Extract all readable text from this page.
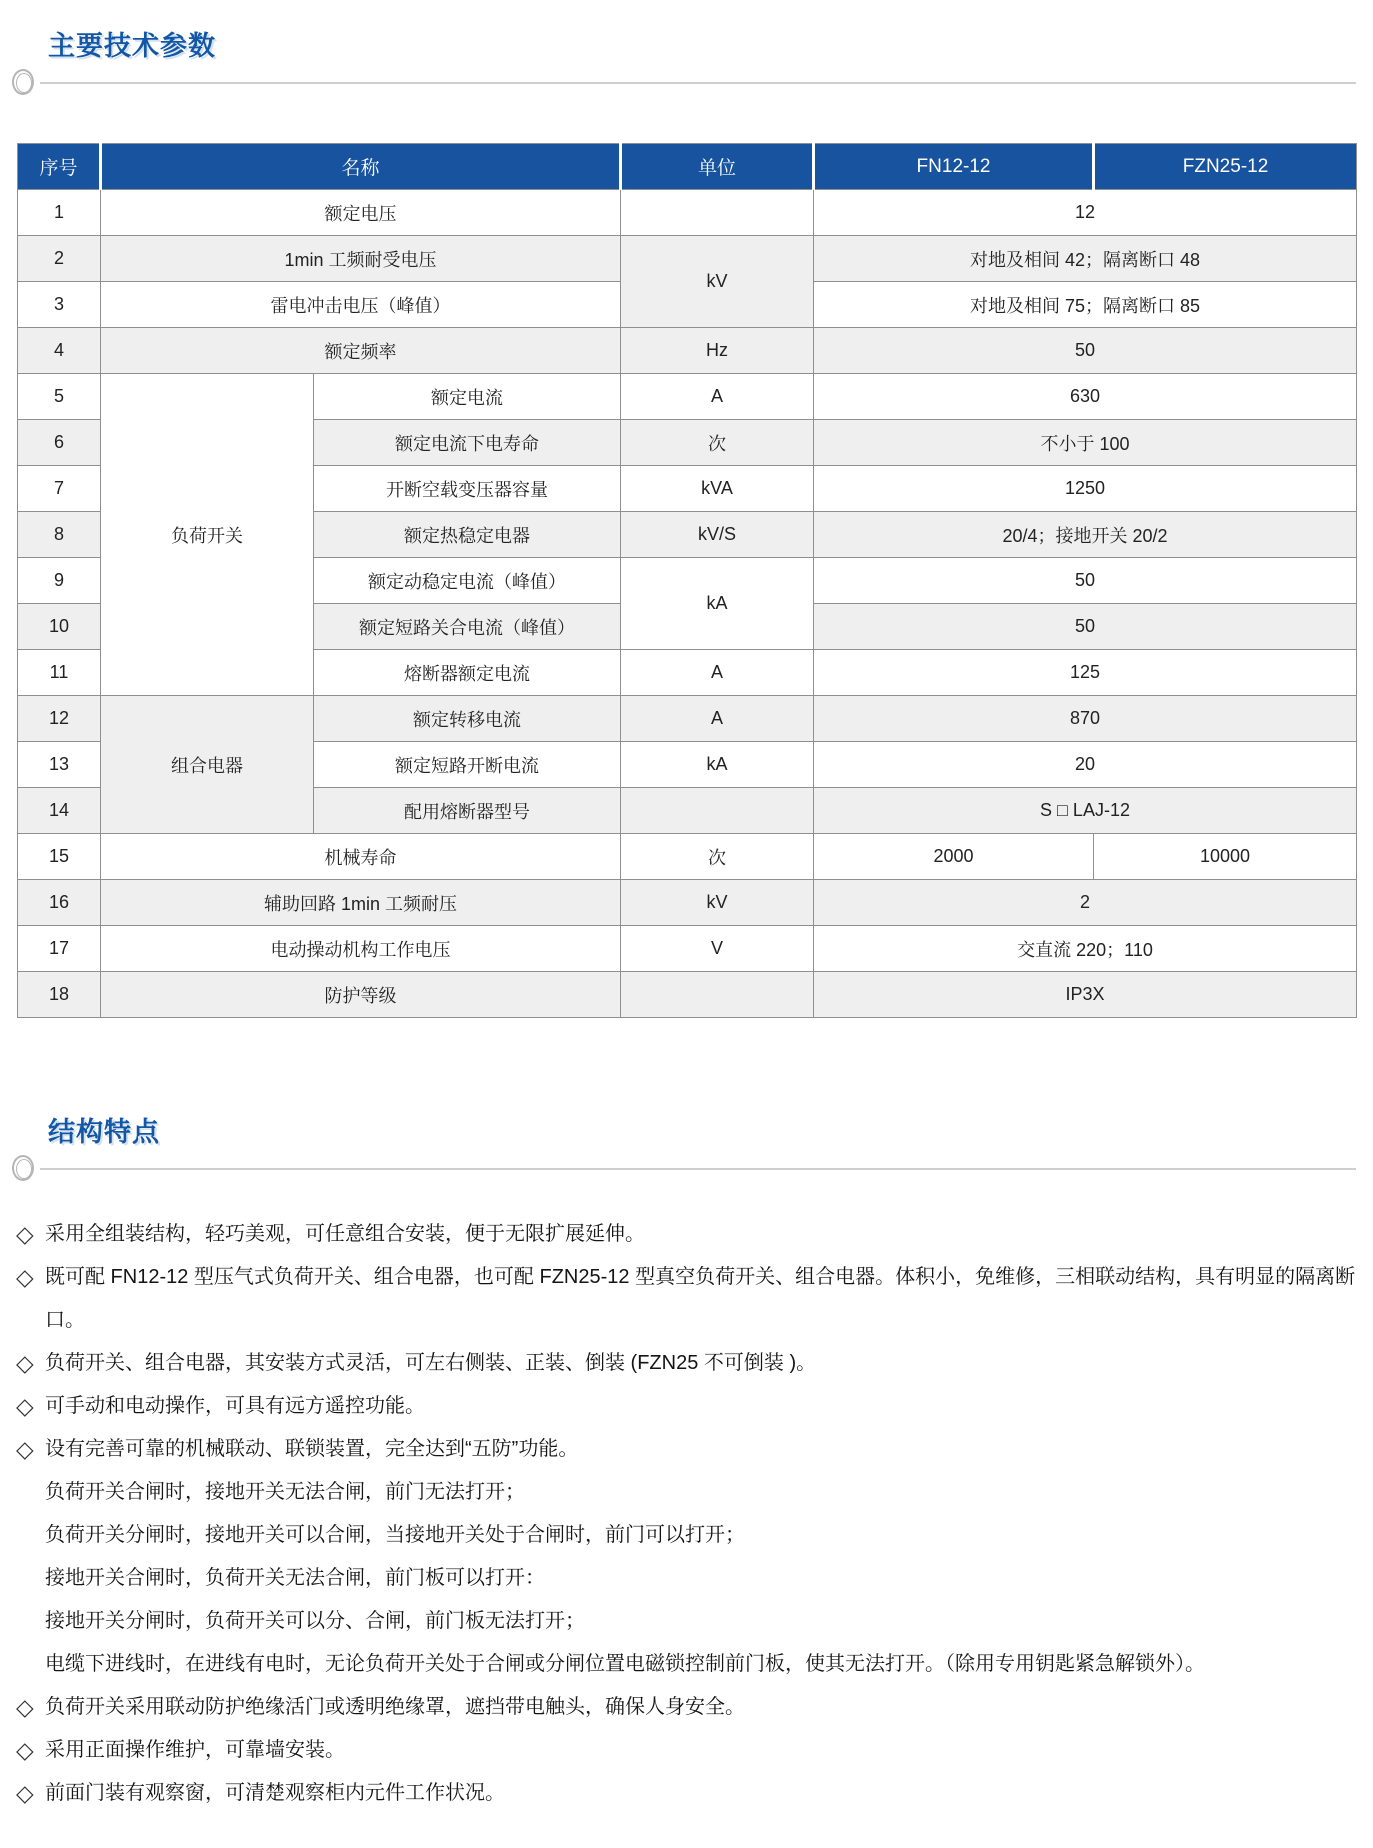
主要技术参数
序号	名称		单位	FN12-12	FZN25-12
1	额定电压			12	
2	1min 工频耐受电压		kV	对地及相间 42；隔离断口 48	
3	雷电冲击电压（峰值）			对地及相间 75；隔离断口 85	
4	额定频率		Hz	50	
5	负荷开关	额定电流	A	630	
6		额定电流下电寿命	次	不小于 100	
7		开断空载变压器容量	kVA	1250	
8		额定热稳定电器	kV/S	20/4；接地开关 20/2	
9		额定动稳定电流（峰值）	kA	50	
10		额定短路关合电流（峰值）		50	
11		熔断器额定电流	A	125	
12	组合电器	额定转移电流	A	870	
13		额定短路开断电流	kA	20	
14		配用熔断器型号		S □ LAJ-12	
15	机械寿命		次	2000	10000
16	辅助回路 1min 工频耐压		kV	2	
17	电动操动机构工作电压		V	交直流 220；110	
18	防护等级			IP3X	
结构特点
◇ 采用全组装结构，轻巧美观，可任意组合安装，便于无限扩展延伸。
◇ 既可配 FN12-12 型压气式负荷开关、组合电器，也可配 FZN25-12 型真空负荷开关、组合电器。体积小，免维修，三相联动结构，具有明显的隔离断口。
◇ 负荷开关、组合电器，其安装方式灵活，可左右侧装、正装、倒装 (FZN25 不可倒装 )。
◇ 可手动和电动操作，可具有远方遥控功能。
◇ 设有完善可靠的机械联动、联锁装置，完全达到“五防”功能。
负荷开关合闸时，接地开关无法合闸，前门无法打开；
负荷开关分闸时，接地开关可以合闸，当接地开关处于合闸时，前门可以打开；
接地开关合闸时，负荷开关无法合闸，前门板可以打开：
接地开关分闸时，负荷开关可以分、合闸，前门板无法打开；
电缆下进线时，在进线有电时，无论负荷开关处于合闸或分闸位置电磁锁控制前门板，使其无法打开。（除用专用钥匙紧急解锁外）。
◇ 负荷开关采用联动防护绝缘活门或透明绝缘罩，遮挡带电触头，确保人身安全。
◇ 采用正面操作维护，可靠墙安装。
◇ 前面门装有观察窗，可清楚观察柜内元件工作状况。
